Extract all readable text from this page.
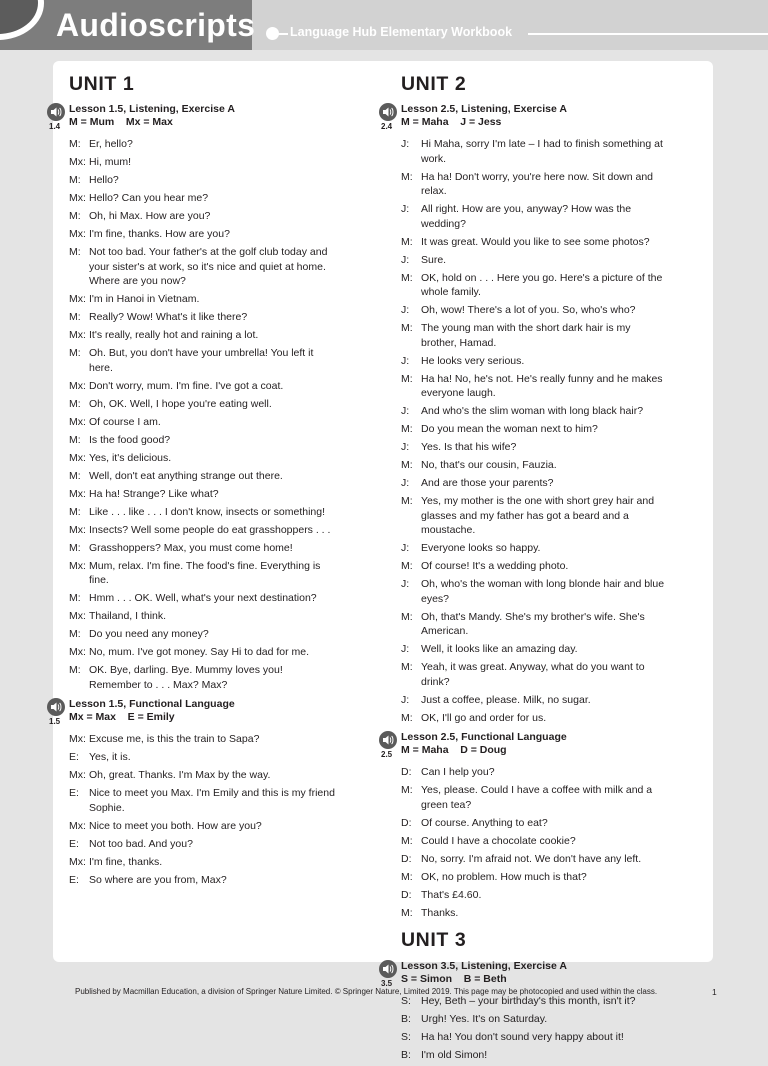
Audioscripts	Language Hub Elementary Workbook
UNIT 1
1.4
Lesson 1.5, Listening, Exercise A
M = Mum    Mx = Max
M: Er, hello?
Mx: Hi, mum!
M: Hello?
Mx: Hello? Can you hear me?
M: Oh, hi Max. How are you?
Mx: I'm fine, thanks. How are you?
M: Not too bad. Your father's at the golf club today and your sister's at work, so it's nice and quiet at home. Where are you now?
Mx: I'm in Hanoi in Vietnam.
M: Really? Wow! What's it like there?
Mx: It's really, really hot and raining a lot.
M: Oh. But, you don't have your umbrella! You left it here.
Mx: Don't worry, mum. I'm fine. I've got a coat.
M: Oh, OK. Well, I hope you're eating well.
Mx: Of course I am.
M: Is the food good?
Mx: Yes, it's delicious.
M: Well, don't eat anything strange out there.
Mx: Ha ha! Strange? Like what?
M: Like . . . like . . . I don't know, insects or something!
Mx: Insects? Well some people do eat grasshoppers . . .
M: Grasshoppers? Max, you must come home!
Mx: Mum, relax. I'm fine. The food's fine. Everything is fine.
M: Hmm . . . OK. Well, what's your next destination?
Mx: Thailand, I think.
M: Do you need any money?
Mx: No, mum. I've got money. Say Hi to dad for me.
M: OK. Bye, darling. Bye. Mummy loves you! Remember to . . . Max? Max?
1.5
Lesson 1.5, Functional Language
Mx = Max    E = Emily
Mx: Excuse me, is this the train to Sapa?
E: Yes, it is.
Mx: Oh, great. Thanks. I'm Max by the way.
E: Nice to meet you Max. I'm Emily and this is my friend Sophie.
Mx: Nice to meet you both. How are you?
E: Not too bad. And you?
Mx: I'm fine, thanks.
E: So where are you from, Max?
UNIT 2
2.4
Lesson 2.5, Listening, Exercise A
M = Maha    J = Jess
J: Hi Maha, sorry I'm late – I had to finish something at work.
M: Ha ha! Don't worry, you're here now. Sit down and relax.
J: All right. How are you, anyway? How was the wedding?
M: It was great. Would you like to see some photos?
J: Sure.
M: OK, hold on . . . Here you go. Here's a picture of the whole family.
J: Oh, wow! There's a lot of you. So, who's who?
M: The young man with the short dark hair is my brother, Hamad.
J: He looks very serious.
M: Ha ha! No, he's not. He's really funny and he makes everyone laugh.
J: And who's the slim woman with long black hair?
M: Do you mean the woman next to him?
J: Yes. Is that his wife?
M: No, that's our cousin, Fauzia.
J: And are those your parents?
M: Yes, my mother is the one with short grey hair and glasses and my father has got a beard and a moustache.
J: Everyone looks so happy.
M: Of course! It's a wedding photo.
J: Oh, who's the woman with long blonde hair and blue eyes?
M: Oh, that's Mandy. She's my brother's wife. She's American.
J: Well, it looks like an amazing day.
M: Yeah, it was great. Anyway, what do you want to drink?
J: Just a coffee, please. Milk, no sugar.
M: OK, I'll go and order for us.
2.5
Lesson 2.5, Functional Language
M = Maha    D = Doug
D: Can I help you?
M: Yes, please. Could I have a coffee with milk and a green tea?
D: Of course. Anything to eat?
M: Could I have a chocolate cookie?
D: No, sorry. I'm afraid not. We don't have any left.
M: OK, no problem. How much is that?
D: That's £4.60.
M: Thanks.
UNIT 3
3.5
Lesson 3.5, Listening, Exercise A
S = Simon    B = Beth
S: Hey, Beth – your birthday's this month, isn't it?
B: Urgh! Yes. It's on Saturday.
S: Ha ha! You don't sound very happy about it!
B: I'm old Simon!
Published by Macmillan Education, a division of Springer Nature Limited. © Springer Nature, Limited 2019. This page may be photocopied and used within the class.	1
